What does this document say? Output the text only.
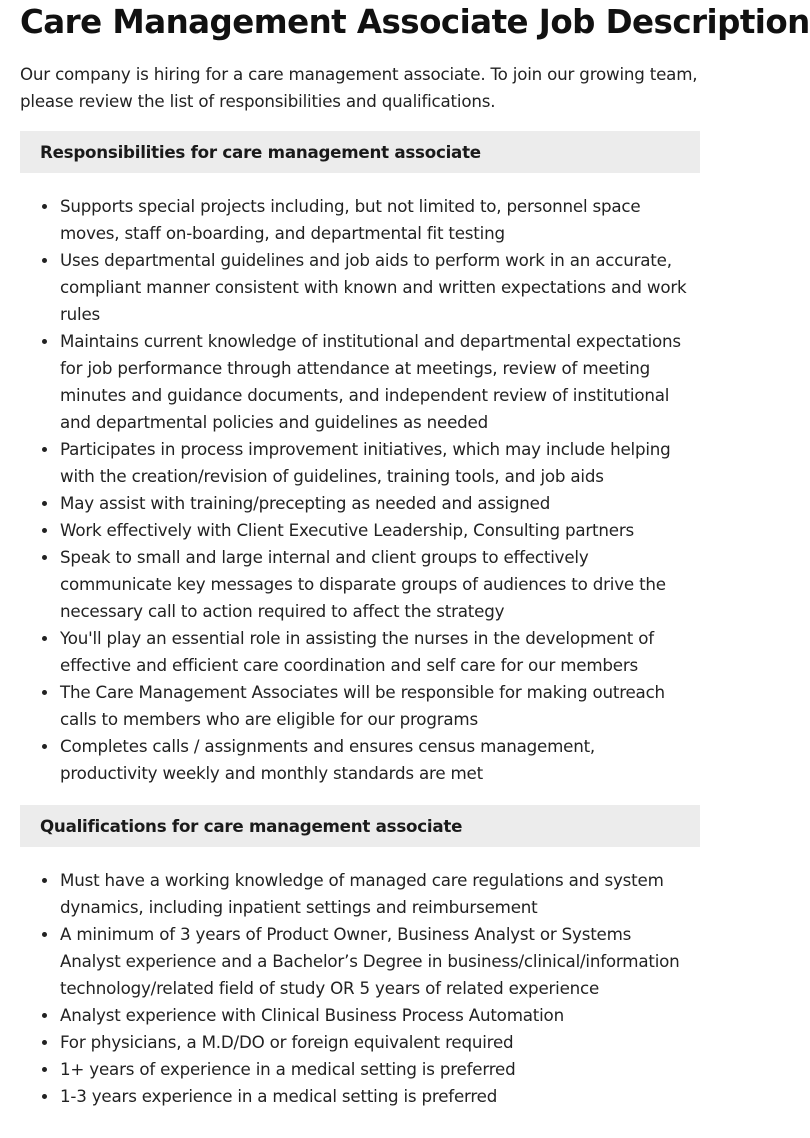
Care Management Associate Job Description

Our company is hiring for a care management associate. To join our growing team, please review the list of responsibilities and qualifications.

Responsibilities for care management associate
Supports special projects including, but not limited to, personnel space moves, staff on-boarding, and departmental fit testing
Uses departmental guidelines and job aids to perform work in an accurate, compliant manner consistent with known and written expectations and work rules
Maintains current knowledge of institutional and departmental expectations for job performance through attendance at meetings, review of meeting minutes and guidance documents, and independent review of institutional and departmental policies and guidelines as needed
Participates in process improvement initiatives, which may include helping with the creation/revision of guidelines, training tools, and job aids
May assist with training/precepting as needed and assigned
Work effectively with Client Executive Leadership, Consulting partners
Speak to small and large internal and client groups to effectively communicate key messages to disparate groups of audiences to drive the necessary call to action required to affect the strategy
You'll play an essential role in assisting the nurses in the development of effective and efficient care coordination and self care for our members
The Care Management Associates will be responsible for making outreach calls to members who are eligible for our programs
Completes calls / assignments and ensures census management, productivity weekly and monthly standards are met
Qualifications for care management associate
Must have a working knowledge of managed care regulations and system dynamics, including inpatient settings and reimbursement
A minimum of 3 years of Product Owner, Business Analyst or Systems Analyst experience and a Bachelor’s Degree in business/clinical/information technology/related field of study OR 5 years of related experience
Analyst experience with Clinical Business Process Automation
For physicians, a M.D/DO or foreign equivalent required
1+ years of experience in a medical setting is preferred
1-3 years experience in a medical setting is preferred
